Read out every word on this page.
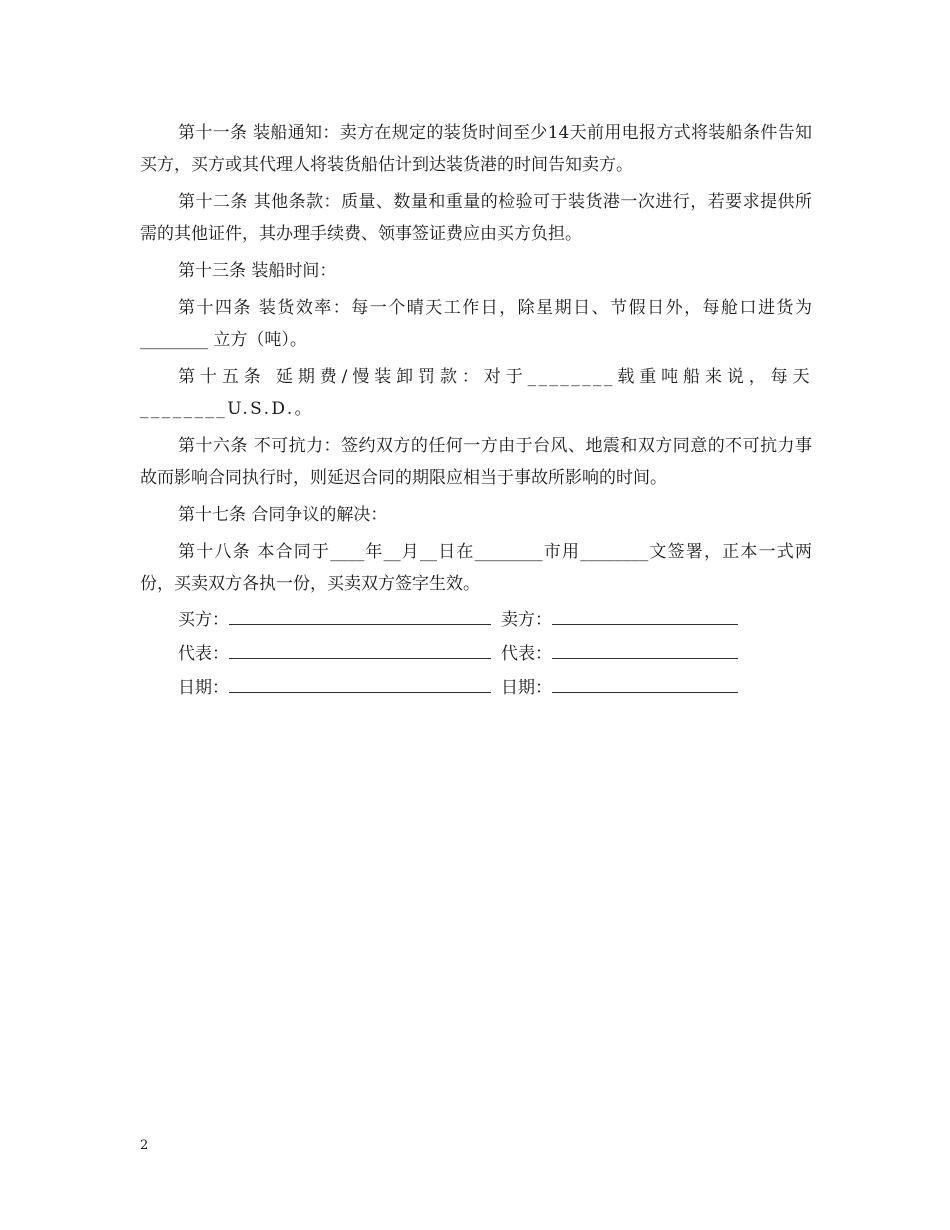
第十一条 装船通知：卖方在规定的装货时间至少14天前用电报方式将装船条件告知买方，买方或其代理人将装货船估计到达装货港的时间告知卖方。

第十二条 其他条款：质量、数量和重量的检验可于装货港一次进行，若要求提供所需的其他证件，其办理手续费、领事签证费应由买方负担。

第十三条 装船时间：

第十四条 装货效率：每一个晴天工作日，除星期日、节假日外，每舱口进货为________ 立方（吨）。

第十五条 延期费/慢装卸罚款：对于________载重吨船来说，每天________U.S.D.。

第十六条 不可抗力：签约双方的任何一方由于台风、地震和双方同意的不可抗力事故而影响合同执行时，则延迟合同的期限应相当于事故所影响的时间。

第十七条 合同争议的解决：

第十八条 本合同于____年__月__日在________市用________文签署，正本一式两份，买卖双方各执一份，买卖双方签字生效。

买方：	卖方：
代表：	代表：
日期：	日期：
2
